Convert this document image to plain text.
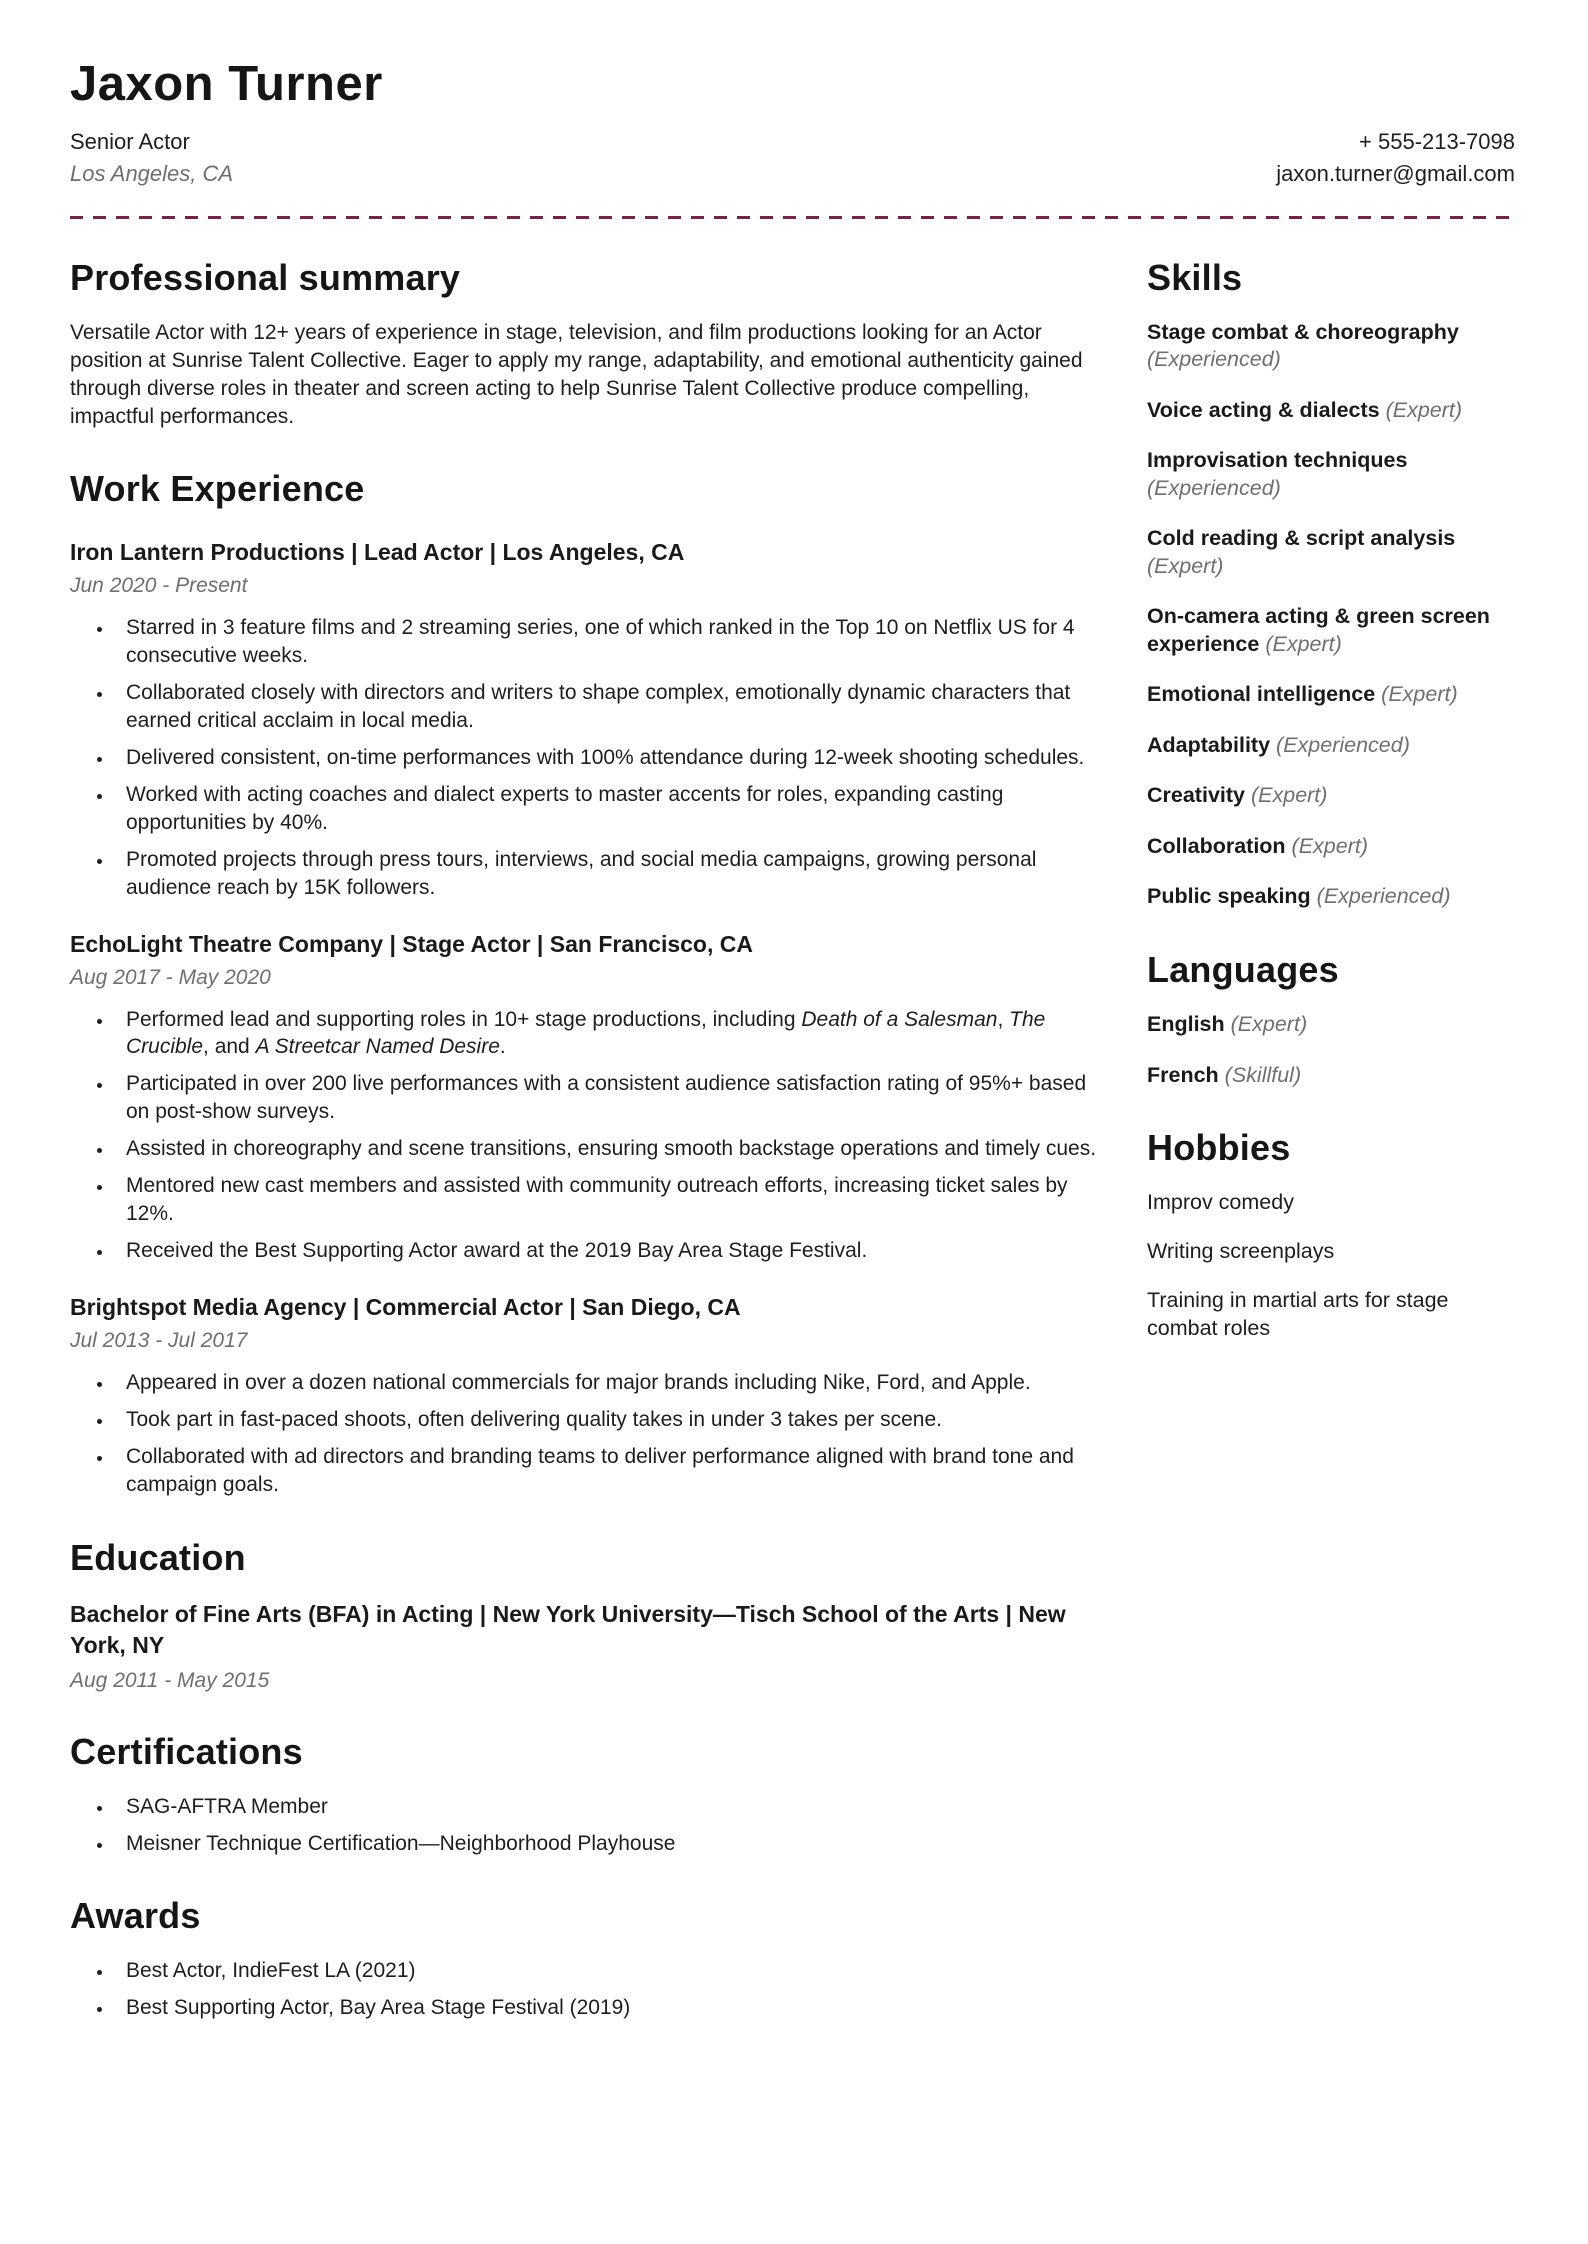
Jaxon Turner
Senior Actor
Los Angeles, CA
+ 555-213-7098
jaxon.turner@gmail.com
Professional summary

Versatile Actor with 12+ years of experience in stage, television, and film productions looking for an Actor position at Sunrise Talent Collective. Eager to apply my range, adaptability, and emotional authenticity gained through diverse roles in theater and screen acting to help Sunrise Talent Collective produce compelling, impactful performances.

Work Experience
Iron Lantern Productions | Lead Actor | Los Angeles, CA
Jun 2020 - Present
• Starred in 3 feature films and 2 streaming series, one of which ranked in the Top 10 on Netflix US for 4 consecutive weeks.
• Collaborated closely with directors and writers to shape complex, emotionally dynamic characters that earned critical acclaim in local media.
• Delivered consistent, on-time performances with 100% attendance during 12-week shooting schedules.
• Worked with acting coaches and dialect experts to master accents for roles, expanding casting opportunities by 40%.
• Promoted projects through press tours, interviews, and social media campaigns, growing personal audience reach by 15K followers.
EchoLight Theatre Company | Stage Actor | San Francisco, CA
Aug 2017 - May 2020
• Performed lead and supporting roles in 10+ stage productions, including Death of a Salesman, The Crucible, and A Streetcar Named Desire.
• Participated in over 200 live performances with a consistent audience satisfaction rating of 95%+ based on post-show surveys.
• Assisted in choreography and scene transitions, ensuring smooth backstage operations and timely cues.
• Mentored new cast members and assisted with community outreach efforts, increasing ticket sales by 12%.
• Received the Best Supporting Actor award at the 2019 Bay Area Stage Festival.
Brightspot Media Agency | Commercial Actor | San Diego, CA
Jul 2013 - Jul 2017
• Appeared in over a dozen national commercials for major brands including Nike, Ford, and Apple.
• Took part in fast-paced shoots, often delivering quality takes in under 3 takes per scene.
• Collaborated with ad directors and branding teams to deliver performance aligned with brand tone and campaign goals.
Education
Bachelor of Fine Arts (BFA) in Acting | New York University—Tisch School of the Arts | New York, NY
Aug 2011 - May 2015
Certifications
• SAG-AFTRA Member
• Meisner Technique Certification—Neighborhood Playhouse
Awards
• Best Actor, IndieFest LA (2021)
• Best Supporting Actor, Bay Area Stage Festival (2019)
Skills
Stage combat & choreography (Experienced)
Voice acting & dialects (Expert)
Improvisation techniques (Experienced)
Cold reading & script analysis (Expert)
On-camera acting & green screen experience (Expert)
Emotional intelligence (Expert)
Adaptability (Experienced)
Creativity (Expert)
Collaboration (Expert)
Public speaking (Experienced)
Languages
English (Expert)
French (Skillful)
Hobbies
Improv comedy
Writing screenplays
Training in martial arts for stage combat roles
